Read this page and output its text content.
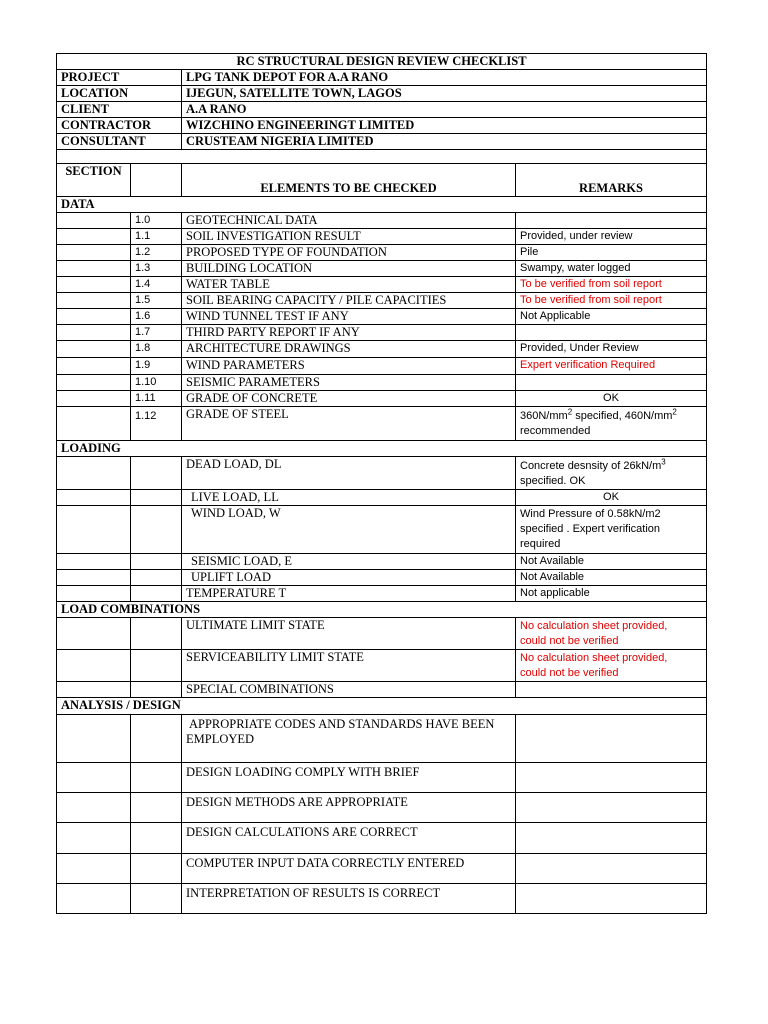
RC STRUCTURAL DESIGN REVIEW CHECKLIST			
PROJECT		LPG TANK DEPOT FOR A.A RANO	
LOCATION		IJEGUN, SATELLITE TOWN, LAGOS	
CLIENT		A.A RANO	
CONTRACTOR		WIZCHINO ENGINEERINGT LIMITED	
CONSULTANT		CRUSTEAM NIGERIA LIMITED	

SECTION		ELEMENTS TO BE CHECKED	REMARKS
DATA			
	1.0	GEOTECHNICAL DATA	
	1.1	SOIL INVESTIGATION RESULT	Provided, under review
	1.2	PROPOSED TYPE OF FOUNDATION	Pile
	1.3	BUILDING LOCATION	Swampy, water logged
	1.4	WATER TABLE	To be verified from soil report
	1.5	SOIL BEARING CAPACITY / PILE CAPACITIES	To be verified from soil report
	1.6	WIND TUNNEL TEST IF ANY	Not Applicable
	1.7	THIRD PARTY REPORT IF ANY	
	1.8	ARCHITECTURE DRAWINGS	Provided, Under Review
	1.9	WIND PARAMETERS	Expert verification Required
	1.10	SEISMIC PARAMETERS	
	1.11	GRADE OF CONCRETE	OK
	1.12	GRADE OF STEEL	$360N/mm^2$ specified, $460N/mm^2$
recommended
LOADING			
		DEAD LOAD, DL	Concrete desnsity of $26kN/m^3$
specified. OK
		LIVE LOAD, LL	OK
		WIND LOAD, W	Wind Pressure of 0.58kN/m2
specified . Expert verification
required
		SEISMIC LOAD, E	Not Available
		UPLIFT LOAD	Not Available
		TEMPERATURE T	Not applicable
LOAD COMBINATIONS			
		ULTIMATE LIMIT STATE	No calculation sheet provided,
could not be verified
		SERVICEABILITY LIMIT STATE	No calculation sheet provided,
could not be verified
		SPECIAL COMBINATIONS	
ANALYSIS / DESIGN			
		APPROPRIATE CODES AND STANDARDS HAVE BEEN
EMPLOYED	
		DESIGN LOADING COMPLY WITH BRIEF	
		DESIGN METHODS ARE APPROPRIATE	
		DESIGN CALCULATIONS ARE CORRECT	
		COMPUTER INPUT DATA CORRECTLY ENTERED	
		INTERPRETATION OF RESULTS IS CORRECT	
